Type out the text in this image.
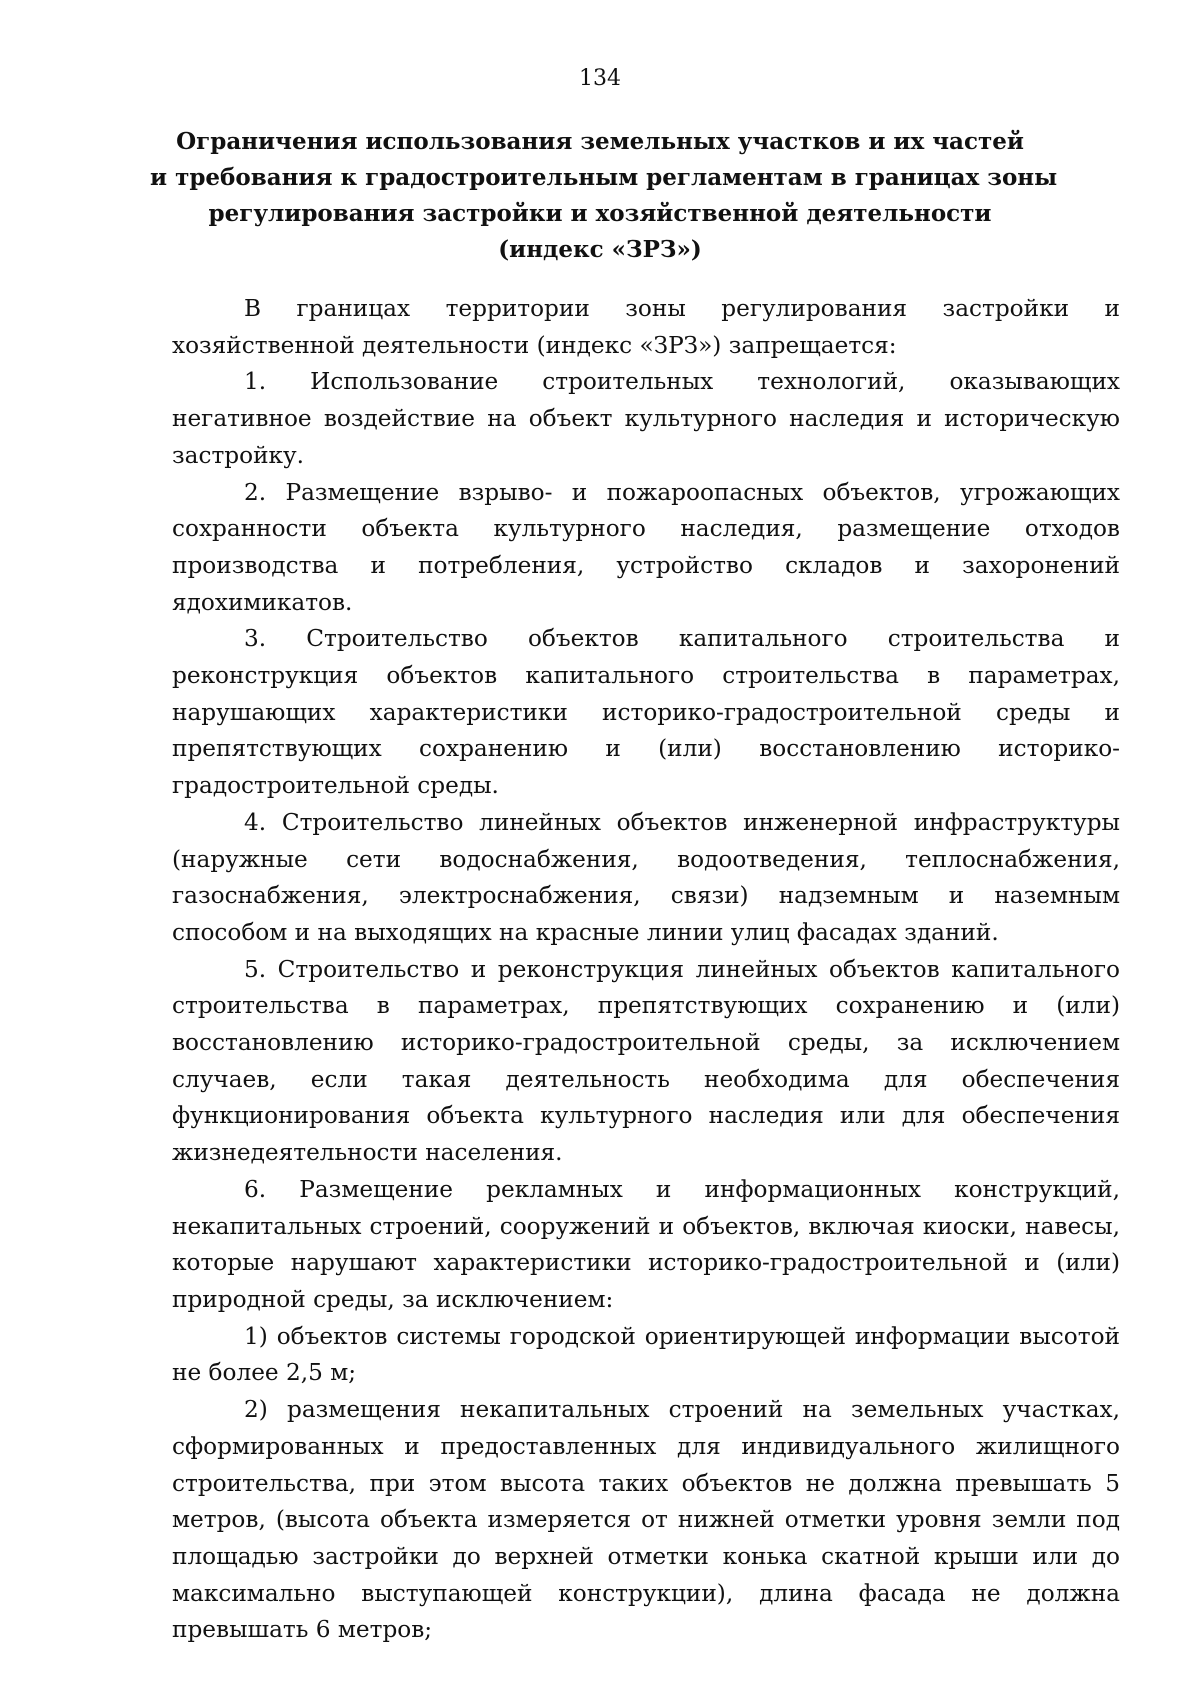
134
Ограничения использования земельных участков и их частей
и требования к градостроительным регламентам в границах зоны
регулирования застройки и хозяйственной деятельности
(индекс «ЗРЗ»)

В границах территории зоны регулирования застройки и хозяйственной деятельности (индекс «ЗРЗ») запрещается:

1. Использование строительных технологий, оказывающих негативное воздействие на объект культурного наследия и историческую застройку.

2. Размещение взрыво- и пожароопасных объектов, угрожающих сохранности объекта культурного наследия, размещение отходов производства и потребления, устройство складов и захоронений ядохимикатов.

3. Строительство объектов капитального строительства и реконструкция объектов капитального строительства в параметрах, нарушающих характеристики историко-градостроительной среды и препятствующих сохранению и (или) восстановлению историко-градостроительной среды.

4. Строительство линейных объектов инженерной инфраструктуры (наружные сети водоснабжения, водоотведения, теплоснабжения, газоснабжения, электроснабжения, связи) надземным и наземным способом и на выходящих на красные линии улиц фасадах зданий.

5. Строительство и реконструкция линейных объектов капитального строительства в параметрах, препятствующих сохранению и (или) восстановлению историко-градостроительной среды, за исключением случаев, если такая деятельность необходима для обеспечения функционирования объекта культурного наследия или для обеспечения жизнедеятельности населения.

6. Размещение рекламных и информационных конструкций, некапитальных строений, сооружений и объектов, включая киоски, навесы, которые нарушают характеристики историко-градостроительной и (или) природной среды, за исключением:

1) объектов системы городской ориентирующей информации высотой не более 2,5 м;

2) размещения некапитальных строений на земельных участках, сформированных и предоставленных для индивидуального жилищного строительства, при этом высота таких объектов не должна превышать 5 метров, (высота объекта измеряется от нижней отметки уровня земли под площадью застройки до верхней отметки конька скатной крыши или до максимально выступающей конструкции), длина фасада не должна превышать 6 метров;
